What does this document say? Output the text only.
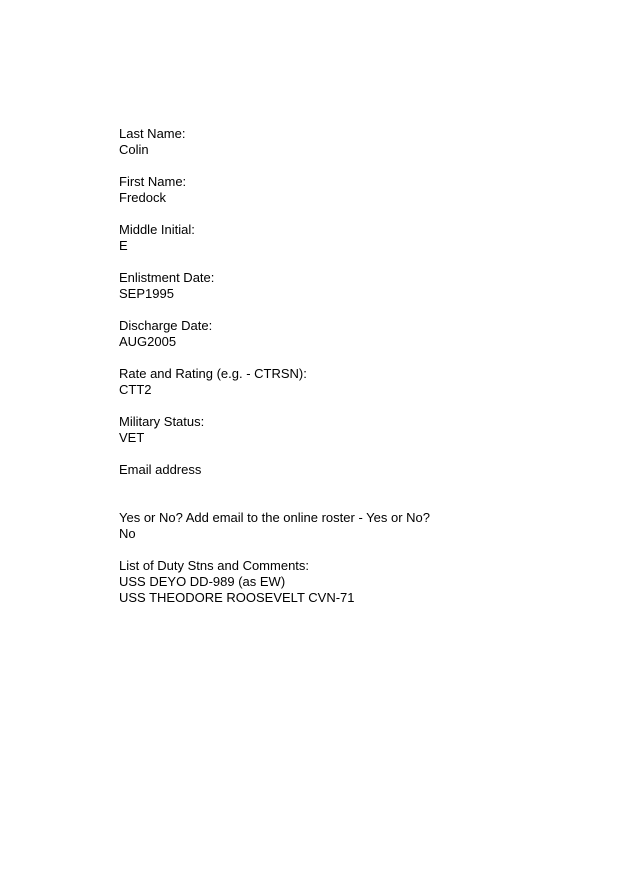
Last Name:
Colin
First Name:
Fredock
Middle Initial:
E
Enlistment Date:
SEP1995
Discharge Date:
AUG2005
Rate and Rating (e.g. - CTRSN):
CTT2
Military Status:
VET
Email address
Yes or No? Add email to the online roster - Yes or No?
No
List of Duty Stns and Comments:
USS DEYO DD-989 (as EW)
USS THEODORE ROOSEVELT CVN-71
